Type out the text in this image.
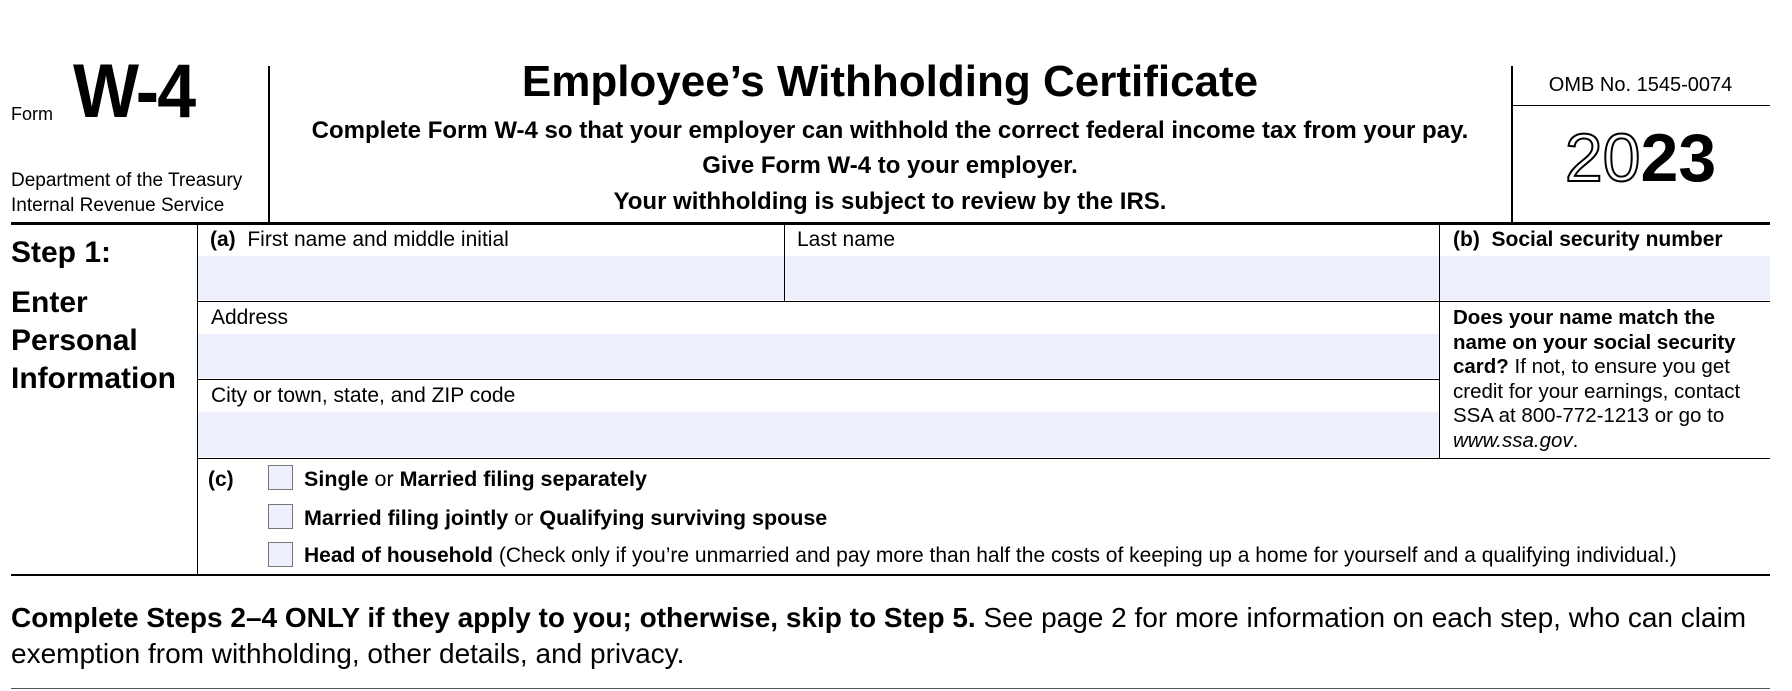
Form W-4
Department of the Treasury
Internal Revenue Service
Employee’s Withholding Certificate
Complete Form W-4 so that your employer can withhold the correct federal income tax from your pay.
Give Form W-4 to your employer.
Your withholding is subject to review by the IRS.
OMB No. 1545-0074
2023
Step 1:
Enter
Personal
Information
(a) First name and middle initial	Last name	(b) Social security number
Address
City or town, state, and ZIP code
Does your name match the name on your social security card? If not, to ensure you get credit for your earnings, contact SSA at 800-772-1213 or go to www.ssa.gov.
(c)	Single or Married filing separately
Married filing jointly or Qualifying surviving spouse
Head of household (Check only if you’re unmarried and pay more than half the costs of keeping up a home for yourself and a qualifying individual.)
Complete Steps 2–4 ONLY if they apply to you; otherwise, skip to Step 5. See page 2 for more information on each step, who can claim exemption from withholding, other details, and privacy.
